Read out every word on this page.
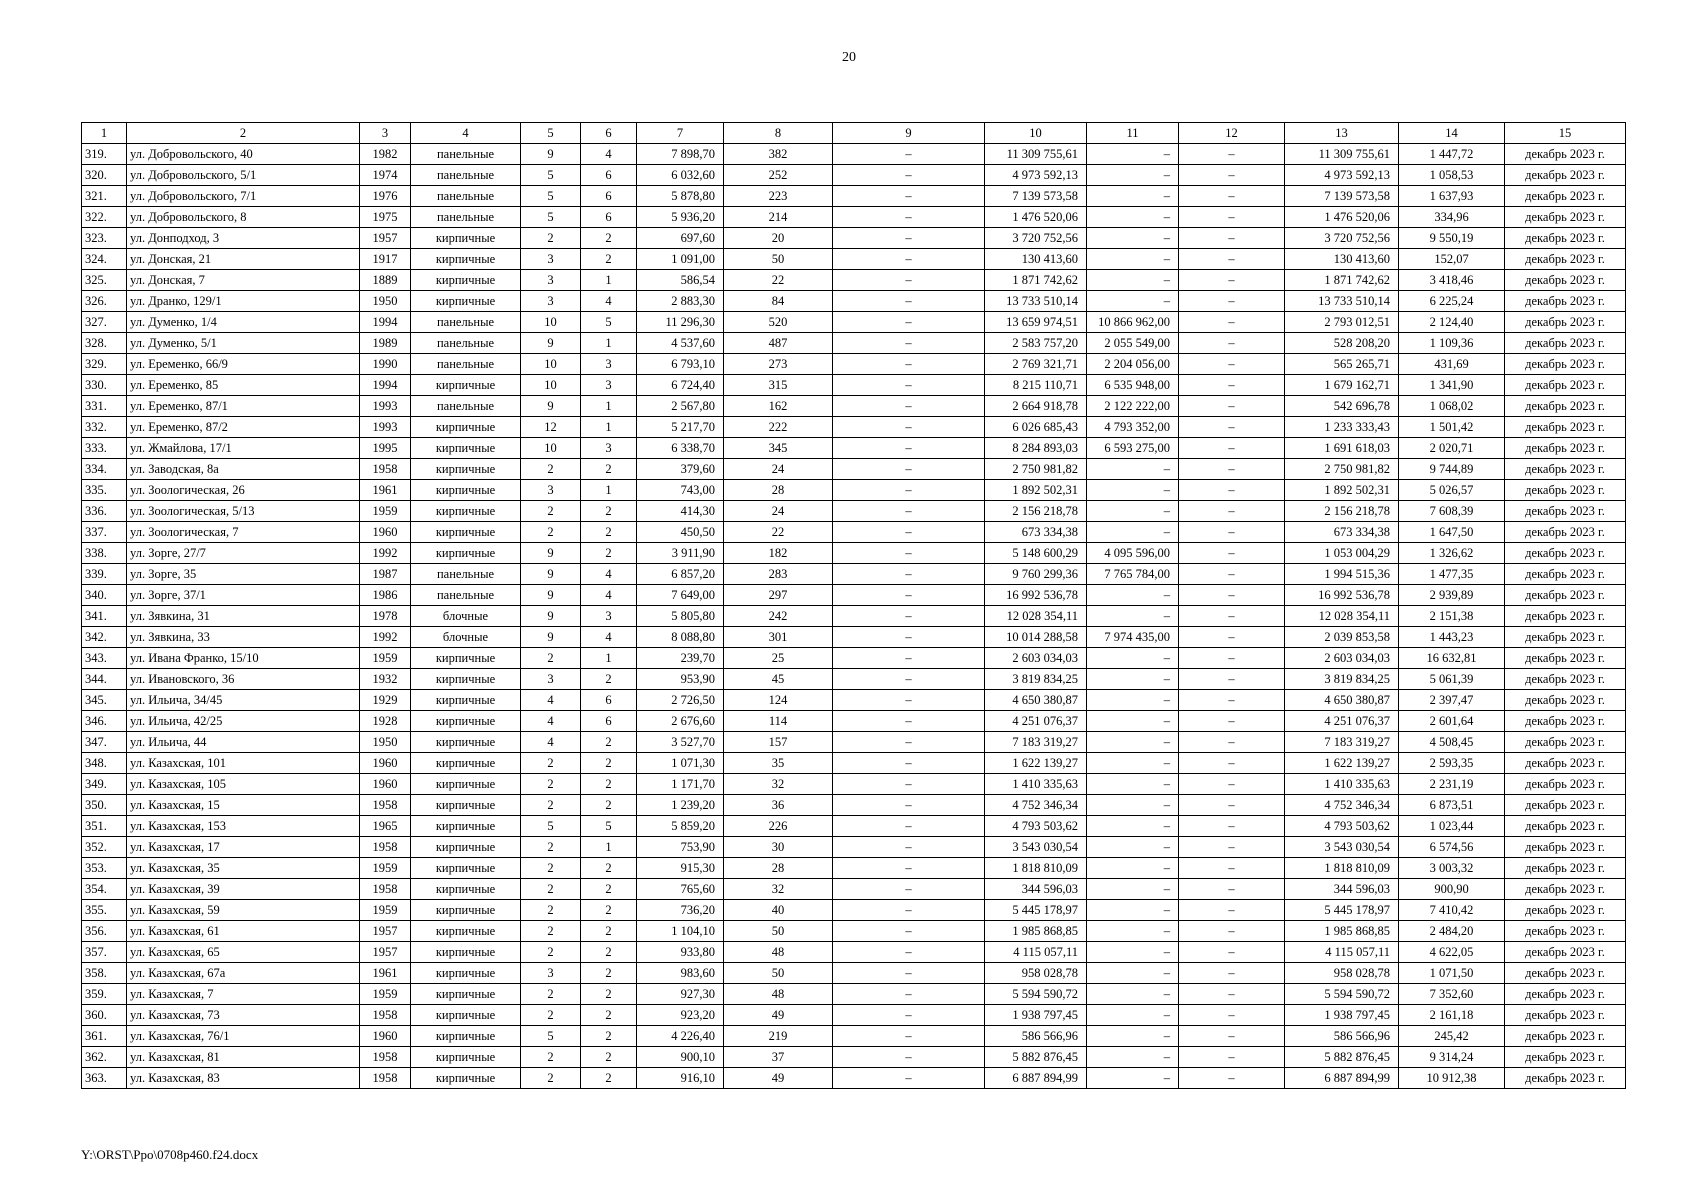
20
1	2	3	4	5	6	7	8	9	10	11	12	13	14	15
319.	ул. Добровольского, 40	1982	панельные	9	4	7 898,70	382	–	11 309 755,61	–	–	11 309 755,61	1 447,72	декабрь 2023 г.
320.	ул. Добровольского, 5/1	1974	панельные	5	6	6 032,60	252	–	4 973 592,13	–	–	4 973 592,13	1 058,53	декабрь 2023 г.
321.	ул. Добровольского, 7/1	1976	панельные	5	6	5 878,80	223	–	7 139 573,58	–	–	7 139 573,58	1 637,93	декабрь 2023 г.
322.	ул. Добровольского, 8	1975	панельные	5	6	5 936,20	214	–	1 476 520,06	–	–	1 476 520,06	334,96	декабрь 2023 г.
323.	ул. Донподход, 3	1957	кирпичные	2	2	697,60	20	–	3 720 752,56	–	–	3 720 752,56	9 550,19	декабрь 2023 г.
324.	ул. Донская, 21	1917	кирпичные	3	2	1 091,00	50	–	130 413,60	–	–	130 413,60	152,07	декабрь 2023 г.
325.	ул. Донская, 7	1889	кирпичные	3	1	586,54	22	–	1 871 742,62	–	–	1 871 742,62	3 418,46	декабрь 2023 г.
326.	ул. Дранко, 129/1	1950	кирпичные	3	4	2 883,30	84	–	13 733 510,14	–	–	13 733 510,14	6 225,24	декабрь 2023 г.
327.	ул. Думенко, 1/4	1994	панельные	10	5	11 296,30	520	–	13 659 974,51	10 866 962,00	–	2 793 012,51	2 124,40	декабрь 2023 г.
328.	ул. Думенко, 5/1	1989	панельные	9	1	4 537,60	487	–	2 583 757,20	2 055 549,00	–	528 208,20	1 109,36	декабрь 2023 г.
329.	ул. Еременко, 66/9	1990	панельные	10	3	6 793,10	273	–	2 769 321,71	2 204 056,00	–	565 265,71	431,69	декабрь 2023 г.
330.	ул. Еременко, 85	1994	кирпичные	10	3	6 724,40	315	–	8 215 110,71	6 535 948,00	–	1 679 162,71	1 341,90	декабрь 2023 г.
331.	ул. Еременко, 87/1	1993	панельные	9	1	2 567,80	162	–	2 664 918,78	2 122 222,00	–	542 696,78	1 068,02	декабрь 2023 г.
332.	ул. Еременко, 87/2	1993	кирпичные	12	1	5 217,70	222	–	6 026 685,43	4 793 352,00	–	1 233 333,43	1 501,42	декабрь 2023 г.
333.	ул. Жмайлова, 17/1	1995	кирпичные	10	3	6 338,70	345	–	8 284 893,03	6 593 275,00	–	1 691 618,03	2 020,71	декабрь 2023 г.
334.	ул. Заводская, 8а	1958	кирпичные	2	2	379,60	24	–	2 750 981,82	–	–	2 750 981,82	9 744,89	декабрь 2023 г.
335.	ул. Зоологическая, 26	1961	кирпичные	3	1	743,00	28	–	1 892 502,31	–	–	1 892 502,31	5 026,57	декабрь 2023 г.
336.	ул. Зоологическая, 5/13	1959	кирпичные	2	2	414,30	24	–	2 156 218,78	–	–	2 156 218,78	7 608,39	декабрь 2023 г.
337.	ул. Зоологическая, 7	1960	кирпичные	2	2	450,50	22	–	673 334,38	–	–	673 334,38	1 647,50	декабрь 2023 г.
338.	ул. Зорге, 27/7	1992	кирпичные	9	2	3 911,90	182	–	5 148 600,29	4 095 596,00	–	1 053 004,29	1 326,62	декабрь 2023 г.
339.	ул. Зорге, 35	1987	панельные	9	4	6 857,20	283	–	9 760 299,36	7 765 784,00	–	1 994 515,36	1 477,35	декабрь 2023 г.
340.	ул. Зорге, 37/1	1986	панельные	9	4	7 649,00	297	–	16 992 536,78	–	–	16 992 536,78	2 939,89	декабрь 2023 г.
341.	ул. Зявкина, 31	1978	блочные	9	3	5 805,80	242	–	12 028 354,11	–	–	12 028 354,11	2 151,38	декабрь 2023 г.
342.	ул. Зявкина, 33	1992	блочные	9	4	8 088,80	301	–	10 014 288,58	7 974 435,00	–	2 039 853,58	1 443,23	декабрь 2023 г.
343.	ул. Ивана Франко, 15/10	1959	кирпичные	2	1	239,70	25	–	2 603 034,03	–	–	2 603 034,03	16 632,81	декабрь 2023 г.
344.	ул. Ивановского, 36	1932	кирпичные	3	2	953,90	45	–	3 819 834,25	–	–	3 819 834,25	5 061,39	декабрь 2023 г.
345.	ул. Ильича, 34/45	1929	кирпичные	4	6	2 726,50	124	–	4 650 380,87	–	–	4 650 380,87	2 397,47	декабрь 2023 г.
346.	ул. Ильича, 42/25	1928	кирпичные	4	6	2 676,60	114	–	4 251 076,37	–	–	4 251 076,37	2 601,64	декабрь 2023 г.
347.	ул. Ильича, 44	1950	кирпичные	4	2	3 527,70	157	–	7 183 319,27	–	–	7 183 319,27	4 508,45	декабрь 2023 г.
348.	ул. Казахская, 101	1960	кирпичные	2	2	1 071,30	35	–	1 622 139,27	–	–	1 622 139,27	2 593,35	декабрь 2023 г.
349.	ул. Казахская, 105	1960	кирпичные	2	2	1 171,70	32	–	1 410 335,63	–	–	1 410 335,63	2 231,19	декабрь 2023 г.
350.	ул. Казахская, 15	1958	кирпичные	2	2	1 239,20	36	–	4 752 346,34	–	–	4 752 346,34	6 873,51	декабрь 2023 г.
351.	ул. Казахская, 153	1965	кирпичные	5	5	5 859,20	226	–	4 793 503,62	–	–	4 793 503,62	1 023,44	декабрь 2023 г.
352.	ул. Казахская, 17	1958	кирпичные	2	1	753,90	30	–	3 543 030,54	–	–	3 543 030,54	6 574,56	декабрь 2023 г.
353.	ул. Казахская, 35	1959	кирпичные	2	2	915,30	28	–	1 818 810,09	–	–	1 818 810,09	3 003,32	декабрь 2023 г.
354.	ул. Казахская, 39	1958	кирпичные	2	2	765,60	32	–	344 596,03	–	–	344 596,03	900,90	декабрь 2023 г.
355.	ул. Казахская, 59	1959	кирпичные	2	2	736,20	40	–	5 445 178,97	–	–	5 445 178,97	7 410,42	декабрь 2023 г.
356.	ул. Казахская, 61	1957	кирпичные	2	2	1 104,10	50	–	1 985 868,85	–	–	1 985 868,85	2 484,20	декабрь 2023 г.
357.	ул. Казахская, 65	1957	кирпичные	2	2	933,80	48	–	4 115 057,11	–	–	4 115 057,11	4 622,05	декабрь 2023 г.
358.	ул. Казахская, 67а	1961	кирпичные	3	2	983,60	50	–	958 028,78	–	–	958 028,78	1 071,50	декабрь 2023 г.
359.	ул. Казахская, 7	1959	кирпичные	2	2	927,30	48	–	5 594 590,72	–	–	5 594 590,72	7 352,60	декабрь 2023 г.
360.	ул. Казахская, 73	1958	кирпичные	2	2	923,20	49	–	1 938 797,45	–	–	1 938 797,45	2 161,18	декабрь 2023 г.
361.	ул. Казахская, 76/1	1960	кирпичные	5	2	4 226,40	219	–	586 566,96	–	–	586 566,96	245,42	декабрь 2023 г.
362.	ул. Казахская, 81	1958	кирпичные	2	2	900,10	37	–	5 882 876,45	–	–	5 882 876,45	9 314,24	декабрь 2023 г.
363.	ул. Казахская, 83	1958	кирпичные	2	2	916,10	49	–	6 887 894,99	–	–	6 887 894,99	10 912,38	декабрь 2023 г.
Y:\ORST\Ppo\0708p460.f24.docx
